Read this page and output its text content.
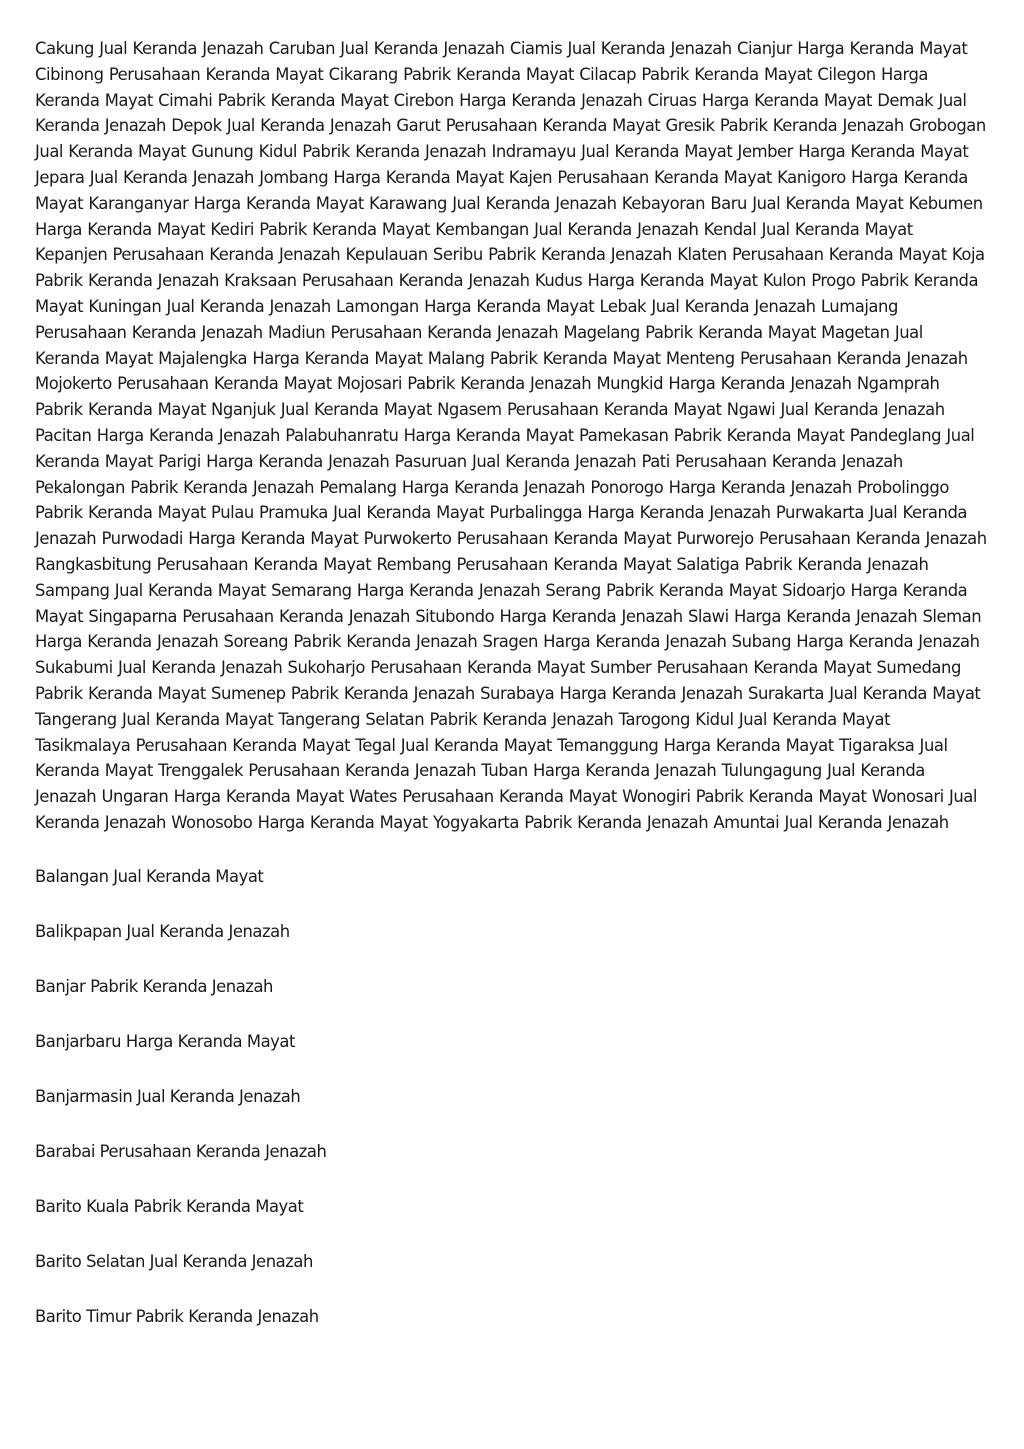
Cakung Jual Keranda Jenazah Caruban Jual Keranda Jenazah Ciamis Jual Keranda Jenazah Cianjur Harga Keranda Mayat Cibinong Perusahaan Keranda Mayat Cikarang Pabrik Keranda Mayat Cilacap Pabrik Keranda Mayat Cilegon Harga Keranda Mayat Cimahi Pabrik Keranda Mayat Cirebon Harga Keranda Jenazah Ciruas Harga Keranda Mayat Demak Jual Keranda Jenazah Depok Jual Keranda Jenazah Garut Perusahaan Keranda Mayat Gresik Pabrik Keranda Jenazah Grobogan Jual Keranda Mayat Gunung Kidul Pabrik Keranda Jenazah Indramayu Jual Keranda Mayat Jember Harga Keranda Mayat Jepara Jual Keranda Jenazah Jombang Harga Keranda Mayat Kajen Perusahaan Keranda Mayat Kanigoro Harga Keranda Mayat Karanganyar Harga Keranda Mayat Karawang Jual Keranda Jenazah Kebayoran Baru Jual Keranda Mayat Kebumen Harga Keranda Mayat Kediri Pabrik Keranda Mayat Kembangan Jual Keranda Jenazah Kendal Jual Keranda Mayat Kepanjen Perusahaan Keranda Jenazah Kepulauan Seribu Pabrik Keranda Jenazah Klaten Perusahaan Keranda Mayat Koja Pabrik Keranda Jenazah Kraksaan Perusahaan Keranda Jenazah Kudus Harga Keranda Mayat Kulon Progo Pabrik Keranda Mayat Kuningan Jual Keranda Jenazah Lamongan Harga Keranda Mayat Lebak Jual Keranda Jenazah Lumajang Perusahaan Keranda Jenazah Madiun Perusahaan Keranda Jenazah Magelang Pabrik Keranda Mayat Magetan Jual Keranda Mayat Majalengka Harga Keranda Mayat Malang Pabrik Keranda Mayat Menteng Perusahaan Keranda Jenazah Mojokerto Perusahaan Keranda Mayat Mojosari Pabrik Keranda Jenazah Mungkid Harga Keranda Jenazah Ngamprah Pabrik Keranda Mayat Nganjuk Jual Keranda Mayat Ngasem Perusahaan Keranda Mayat Ngawi Jual Keranda Jenazah Pacitan Harga Keranda Jenazah Palabuhanratu Harga Keranda Mayat Pamekasan Pabrik Keranda Mayat Pandeglang Jual Keranda Mayat Parigi Harga Keranda Jenazah Pasuruan Jual Keranda Jenazah Pati Perusahaan Keranda Jenazah Pekalongan Pabrik Keranda Jenazah Pemalang Harga Keranda Jenazah Ponorogo Harga Keranda Jenazah Probolinggo Pabrik Keranda Mayat Pulau Pramuka Jual Keranda Mayat Purbalingga Harga Keranda Jenazah Purwakarta Jual Keranda Jenazah Purwodadi Harga Keranda Mayat Purwokerto Perusahaan Keranda Mayat Purworejo Perusahaan Keranda Jenazah Rangkasbitung Perusahaan Keranda Mayat Rembang Perusahaan Keranda Mayat Salatiga Pabrik Keranda Jenazah Sampang Jual Keranda Mayat Semarang Harga Keranda Jenazah Serang Pabrik Keranda Mayat Sidoarjo Harga Keranda Mayat Singaparna Perusahaan Keranda Jenazah Situbondo Harga Keranda Jenazah Slawi Harga Keranda Jenazah Sleman Harga Keranda Jenazah Soreang Pabrik Keranda Jenazah Sragen Harga Keranda Jenazah Subang Harga Keranda Jenazah Sukabumi Jual Keranda Jenazah Sukoharjo Perusahaan Keranda Mayat Sumber Perusahaan Keranda Mayat Sumedang Pabrik Keranda Mayat Sumenep Pabrik Keranda Jenazah Surabaya Harga Keranda Jenazah Surakarta Jual Keranda Mayat Tangerang Jual Keranda Mayat Tangerang Selatan Pabrik Keranda Jenazah Tarogong Kidul Jual Keranda Mayat Tasikmalaya Perusahaan Keranda Mayat Tegal Jual Keranda Mayat Temanggung Harga Keranda Mayat Tigaraksa Jual Keranda Mayat Trenggalek Perusahaan Keranda Jenazah Tuban Harga Keranda Jenazah Tulungagung Jual Keranda Jenazah Ungaran Harga Keranda Mayat Wates Perusahaan Keranda Mayat Wonogiri Pabrik Keranda Mayat Wonosari Jual Keranda Jenazah Wonosobo Harga Keranda Mayat Yogyakarta Pabrik Keranda Jenazah Amuntai Jual Keranda Jenazah

Balangan Jual Keranda Mayat
Balikpapan Jual Keranda Jenazah
Banjar Pabrik Keranda Jenazah
Banjarbaru Harga Keranda Mayat
Banjarmasin Jual Keranda Jenazah
Barabai Perusahaan Keranda Jenazah
Barito Kuala Pabrik Keranda Mayat
Barito Selatan Jual Keranda Jenazah
Barito Timur Pabrik Keranda Jenazah
